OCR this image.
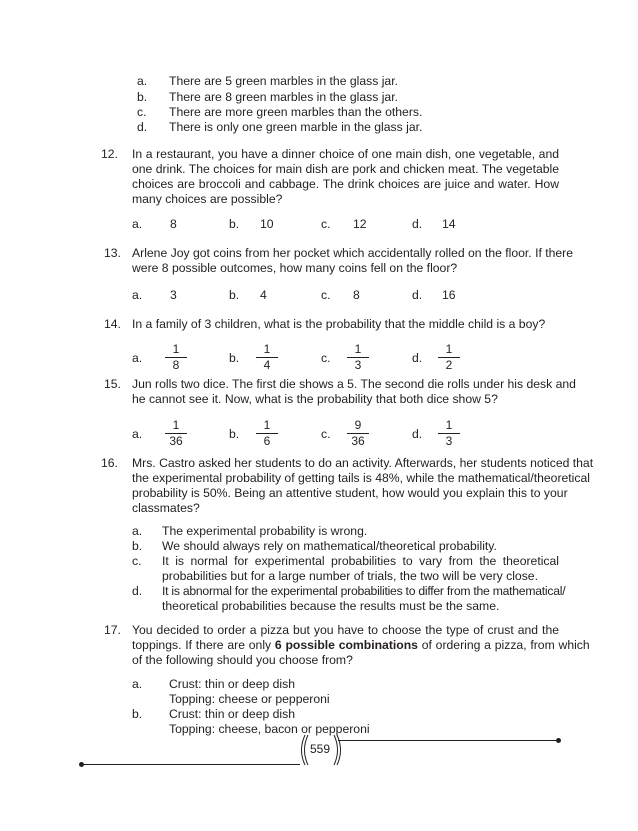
a. There are 5 green marbles in the glass jar.
b. There are 8 green marbles in the glass jar.
c. There are more green marbles than the others.
d. There is only one green marble in the glass jar.
12. In a restaurant, you have a dinner choice of one main dish, one vegetable, and
one drink. The choices for main dish are pork and chicken meat. The vegetable
choices are broccoli and cabbage. The drink choices are juice and water. How
many choices are possible?
a. 8	b. 10	c. 12	d. 14
13. Arlene Joy got coins from her pocket which accidentally rolled on the floor. If there
were 8 possible outcomes, how many coins fell on the floor?
a. 3	b. 4	c. 8	d. 16
14. In a family of 3 children, what is the probability that the middle child is a boy?
a. $\frac{1}{8}$	b. $\frac{1}{4}$	c. $\frac{1}{3}$	d. $\frac{1}{2}$
15. Jun rolls two dice. The first die shows a 5. The second die rolls under his desk and
he cannot see it. Now, what is the probability that both dice show 5?
a. $\frac{1}{36}$	b. $\frac{1}{6}$	c. $\frac{9}{36}$	d. $\frac{1}{3}$
16. Mrs. Castro asked her students to do an activity. Afterwards, her students noticed that
the experimental probability of getting tails is 48%, while the mathematical/theoretical
probability is 50%. Being an attentive student, how would you explain this to your
classmates?
a. The experimental probability is wrong.
b. We should always rely on mathematical/theoretical probability.
c. It is normal for experimental probabilities to vary from the theoretical
probabilities but for a large number of trials, the two will be very close.
d. It is abnormal for the experimental probabilities to differ from the mathematical/
theoretical probabilities because the results must be the same.
17. You decided to order a pizza but you have to choose the type of crust and the
toppings. If there are only 6 possible combinations of ordering a pizza, from which
of the following should you choose from?
a. Crust: thin or deep dish
Topping: cheese or pepperoni
b. Crust: thin or deep dish
Topping: cheese, bacon or pepperoni
559
